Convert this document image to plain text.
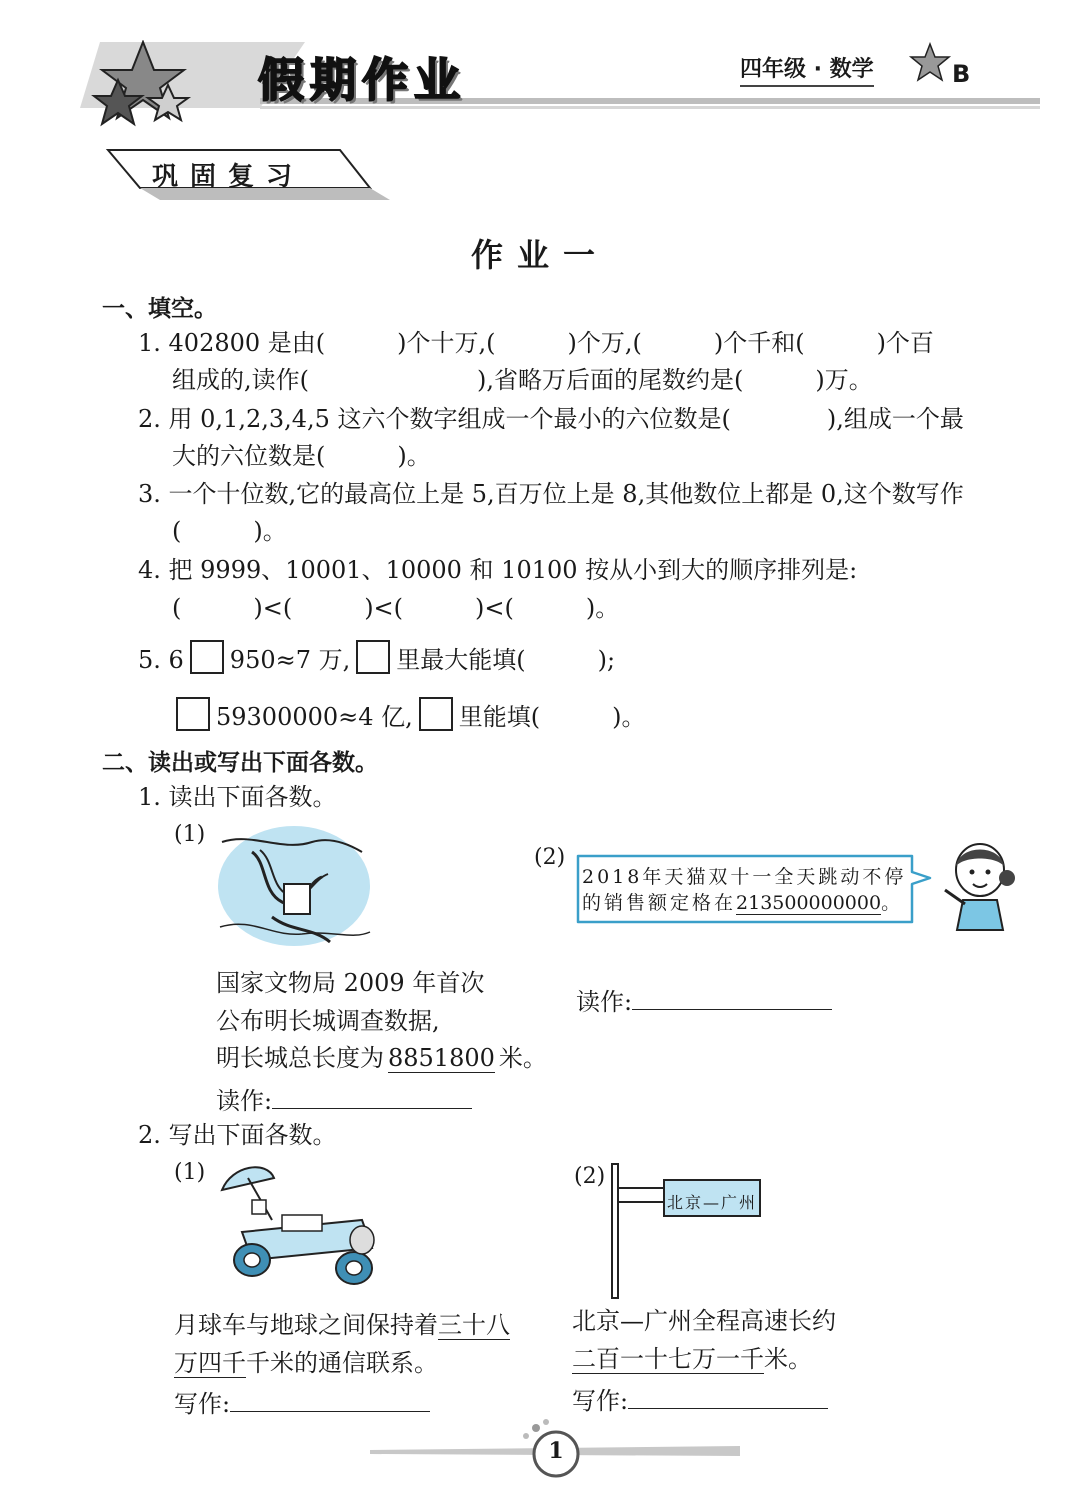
假期作业	四年级 · 数学	B
巩固复习
作业一
一、填空。
1. 402800 是由(　　　)个十万,(　　　)个万,(　　　)个千和(　　　)个百
组成的,读作(　　　　　　　),省略万后面的尾数约是(　　　)万。
2. 用 0,1,2,3,4,5 这六个数字组成一个最小的六位数是(　　　　),组成一个最
大的六位数是(　　　)。
3. 一个十位数,它的最高位上是 5,百万位上是 8,其他数位上都是 0,这个数写作
(　　　)。
4. 把 9999、10001、10000 和 10100 按从小到大的顺序排列是:
(　　　)<(　　　)<(　　　)<(　　　)。
5. 6 950≈7 万, 里最大能填(　　　);
59300000≈4 亿, 里能填(　　　)。
二、读出或写出下面各数。
1. 读出下面各数。
(1)
国家文物局 2009 年首次
公布明长城调查数据,
明长城总长度为 8851800 米。
读作:
(2)
2018年天猫双十一全天跳动不停
的销售额定格在213500000000。
读作:
2. 写出下面各数。
(1)
月球车与地球之间保持着三十八
万四千千米的通信联系。
写作:
(2)
北京—广州
北京—广州全程高速长约
二百一十七万一千米。
写作:
1
